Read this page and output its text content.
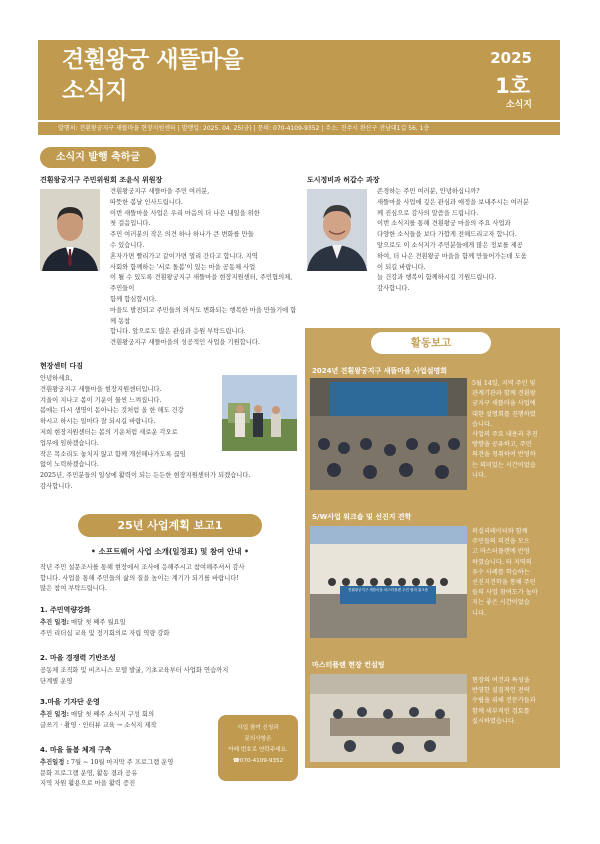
견훤왕궁 새뜰마을
소식지
2025
1호
소식지
발행처: 견훤왕궁지구 새뜰마을 현장지원센터 | 발행일: 2025. 04. 25(금) | 문의: 070-4109-9352 | 주소: 전주시 완산구 견남대1길 56, 1층
소식지 발행 축하글
견훤왕궁지구 주민위원회 조윤식 위원장
견훤왕궁지구 새뜰마을 주민 여러분,
따뜻한 봄날 인사드립니다.
이번 새뜰마을 사업은 우리 마음의 더 나은 내일을 위한
첫 걸음입니다.
주민 여러분의 작은 의견 하나 하나가 큰 변화를 만들
수 있습니다.
혼자가면 빨리가고 같이가면 멀리 간다고 합니다. 지역
사회와 함께하는 '서로 돌봄'이 있는 마을 공동체 사업
이 될 수 있도록 견훤왕궁지구 새뜰마을 현장지원센터, 주민협의체, 주민들이
함께 합심합시다.
마을도 발전되고 주민들의 의식도 변화되는 행복한 마을 만들기에 함께 동참
합니다. 앞으로도 많은 관심과 응원 부탁드립니다.
견훤왕궁지구 새뜰마을의 성공적인 사업을 기원합니다.
도시정비과 허갑수 과장
존경하는 주민 여러분, 안녕하십니까?
새뜰마을 사업에 깊은 관심과 애정을 보내주시는 여러분
께 진심으로 감사의 말씀을 드립니다.
이번 소식지를 통해 견훤왕궁 마을의 주요 사업과
다양한 소식들을 보다 가깝게 전해드리고자 합니다.
앞으로도 이 소식지가 주민분들에게 많은 정보를 제공
하여, 더 나은 견훤왕궁 마을을 함께 만들어가는데 도움
이 되길 바랍니다.
늘 건강과 행복이 함께하시길 기원드립니다.
감사합니다.
현장센터 다짐
안녕하세요,
견훤왕궁지구 새뜰마을 현장지원센터입니다.
겨울이 지나고 봄이 기운이 물씬 느껴집니다.
봄에는 다시 생명이 돋아나는 것처럼 올 한 해도 건강
하시고 하시는 일마다 잘 되시길 바랍니다.
저희 현장지원센터는 봄의 기운처럼 새로운 각오로
업무에 임하겠습니다.
작은 목소리도 놓치지 않고 함께 개선해나가도록 끊임
없이 노력하겠습니다.
2025년, 주민분들의 일상에 활력이 되는 든든한 현장지원센터가 되겠습니다.
감사합니다.
25년 사업계획 보고1
• 소프트웨어 사업 소개(일정표) 및 참여 안내 •
작년 주민 설문조사를 통해 현장에서 조사에 응해주시고 참여해주셔서 감사
합니다. 사업을 통해 주민들의 삶의 질을 높이는 계기가 되기를 바랍니다!
많은 참여 부탁드립니다.
1. 주민역량강화
추진 일정: 매달 첫 째주 월요일
주민 리더십 교육 및 정기회의로 자립 역량 강화
2. 마을 경쟁력 기반조성
공동체 조직화 및 비즈니스 모델 발굴, 기초교육부터 사업화 연습까지
단계별 운영
3.마을 기자단 운영
추진 일정: 매달 첫 째주 소식지 구성 회의
글쓰기 · 촬영 · 인터뷰 교육 → 소식지 제작
4. 마을 돌봄 체계 구축
추진일정 : 7월 ~ 10월 마지막 주 프로그램 운영
문화 프로그램 운영, 활동 결과 공유
지역 자원 활용으로 마을 활력 증진
사업 참여 신청과
문의사항은
아래 번호로 연락주세요.
☎070-4109-9352
활동보고
2024년 견훤왕궁지구 새뜰마을 사업설명회
5월 14일, 지역 주민 및
관계기관과 함께 견훤왕
궁지구 새뜰마을 사업에
대한 설명회를 진행하였
습니다.
사업의 주요 내용과 추진
방향을 공유하고, 주민
의견을 청취하여 반영하
는 의미있는 시간이었습
니다.
S/W사업 워크숍 및 선진지 견학
견훤왕궁지구 새뜰마을 마스터플랜 주민 협의 워크숍
퍼실리테이터와 함께
주민들의 의견을 모으
고 마스터플랜에 반영
하였습니다. 타 지역의
우수 사례를 학습하는
선진지견학을 통해 주민
들의 사업 참여도가 높아
지는 좋은 시간이었습
니다.
마스터플랜 현장 컨설팅
현장의 여건과 특성을
반영한 실질적인 전략
수립을 위해 전문가들과
함께 세부적인 검토를
실시하였습니다.
